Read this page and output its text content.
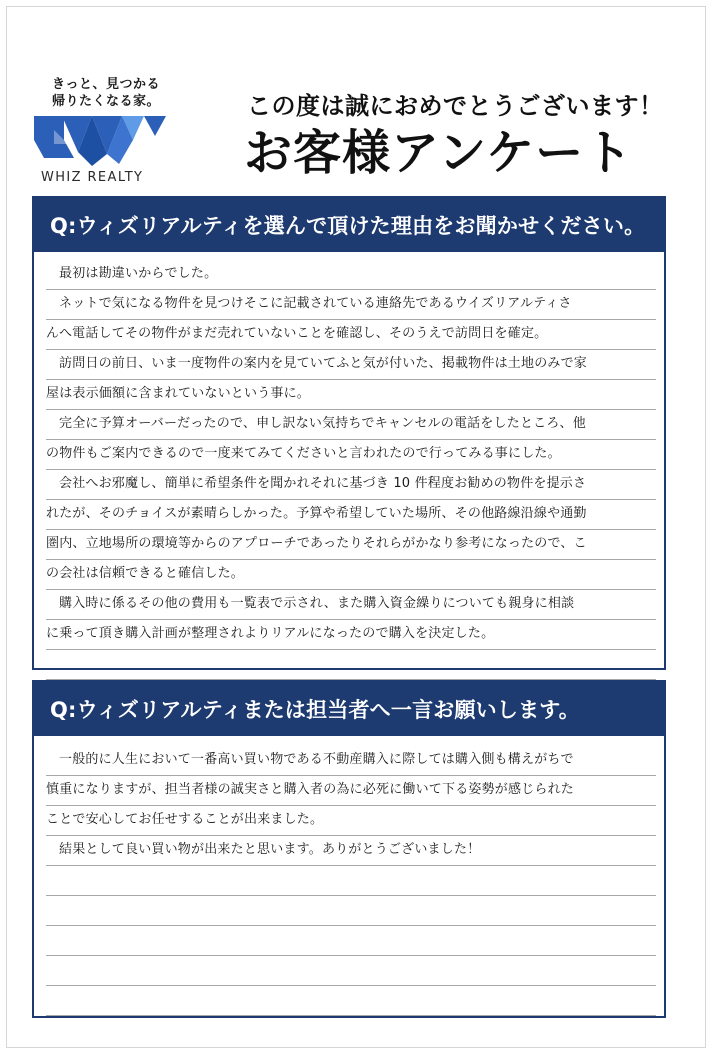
きっと、見つかる
帰りたくなる家。
WHIZ REALTY
この度は誠におめでとうございます！
お客様アンケート
Q:ウィズリアルティを選んで頂けた理由をお聞かせください。
最初は勘違いからでした。
ネットで気になる物件を見つけそこに記載されている連絡先であるウイズリアルティさ
んへ電話してその物件がまだ売れていないことを確認し、そのうえで訪問日を確定。
訪問日の前日、いま一度物件の案内を見ていてふと気が付いた、掲載物件は土地のみで家
屋は表示価額に含まれていないという事に。
完全に予算オーバーだったので、申し訳ない気持ちでキャンセルの電話をしたところ、他
の物件もご案内できるので一度来てみてくださいと言われたので行ってみる事にした。
会社へお邪魔し、簡単に希望条件を聞かれそれに基づき 10 件程度お勧めの物件を提示さ
れたが、そのチョイスが素晴らしかった。予算や希望していた場所、その他路線沿線や通勤
圏内、立地場所の環境等からのアプローチであったりそれらがかなり参考になったので、こ
の会社は信頼できると確信した。
購入時に係るその他の費用も一覧表で示され、また購入資金繰りについても親身に相談
に乗って頂き購入計画が整理されよりリアルになったので購入を決定した。
Q:ウィズリアルティまたは担当者へ一言お願いします。
一般的に人生において一番高い買い物である不動産購入に際しては購入側も構えがちで
慎重になりますが、担当者様の誠実さと購入者の為に必死に働いて下る姿勢が感じられた
ことで安心してお任せすることが出来ました。
結果として良い買い物が出来たと思います。ありがとうございました！
